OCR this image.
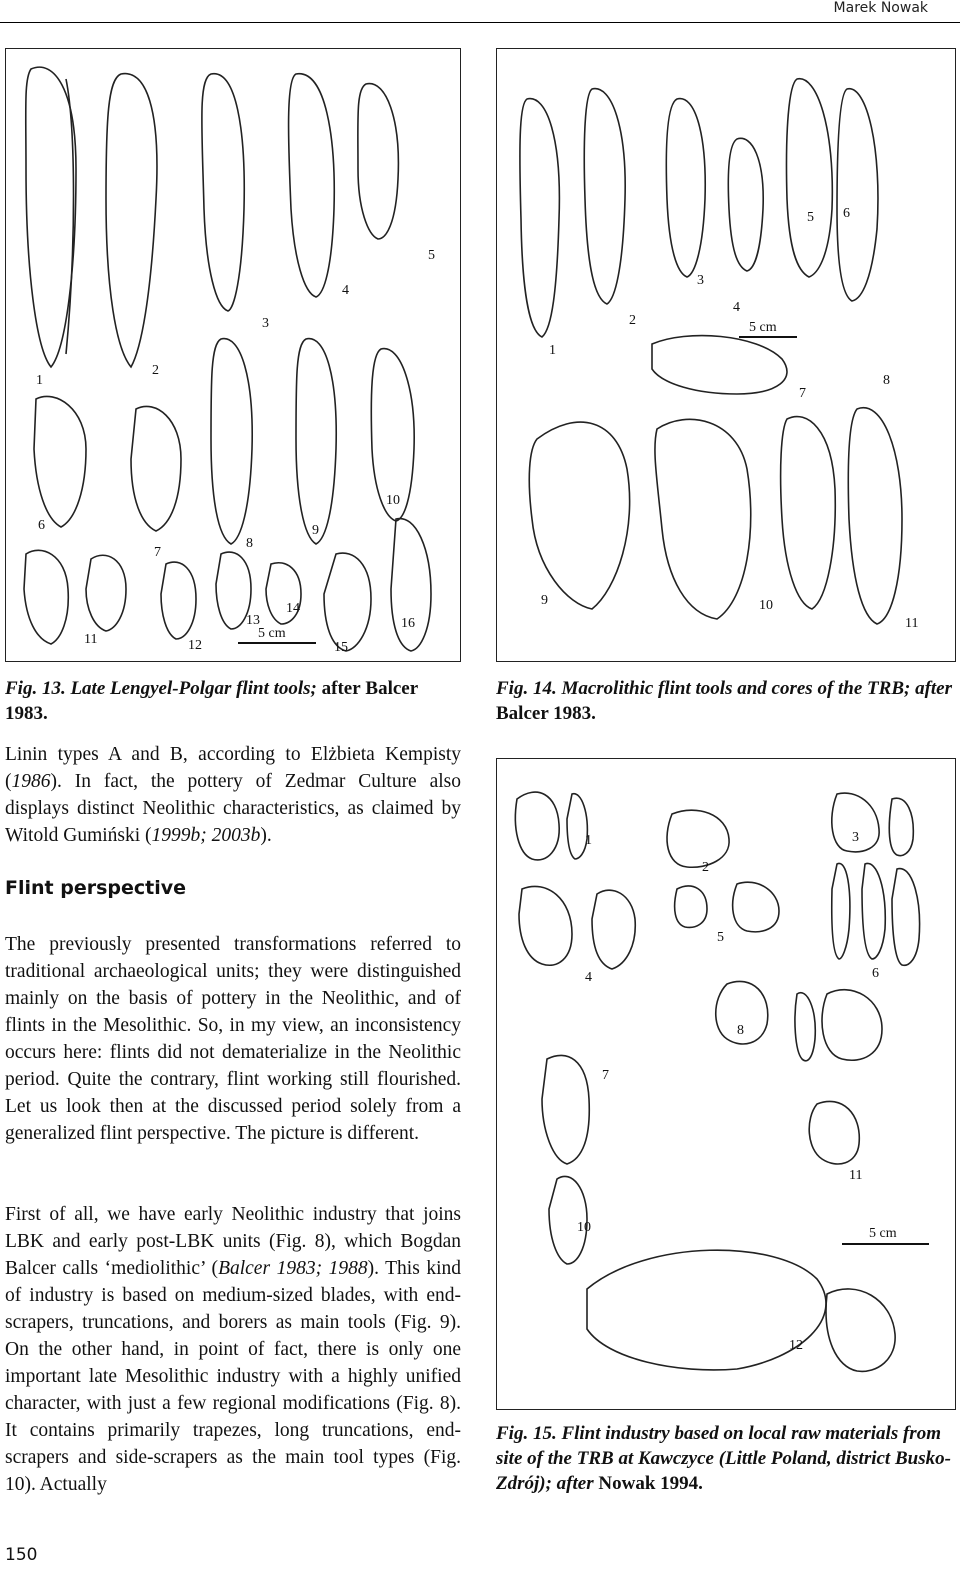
Marek Nowak
5 cm
1
2
3
4
5
6
7
8
9
10
11	12
13
14
15
16
5 cm
1
2
3
4
5 6
7
8
9	10
11
5 cm
1
2
3
4
5
6
7
8
10
11
12
Fig. 13. Late Lengyel-Polgar flint tools; after Balcer 1983.
Fig. 14. Macrolithic flint tools and cores of the TRB; after Balcer 1983.
Fig. 15. Flint industry based on local raw materials from site of the TRB at Kawczyce (Little Poland, district Busko-Zdrój); after Nowak 1994.

Linin types A and B, according to Elżbieta Kempisty (1986). In fact, the pottery of Zedmar Culture also displays distinct Neolithic characteristics, as claimed by Witold Gumiński (1999b; 2003b).

Flint perspective

The previously presented transformations referred to traditional archaeological units; they were distinguished mainly on the basis of pottery in the Neolithic, and of flints in the Mesolithic. So, in my view, an inconsistency occurs here: flints did not dematerialize in the Neolithic period. Quite the contrary, flint working still flourished. Let us look then at the discussed period solely from a generalized flint perspective. The picture is different.

First of all, we have early Neolithic industry that joins LBK and early post-LBK units (Fig. 8), which Bogdan Balcer calls ‘mediolithic’ (Balcer 1983; 1988). This kind of industry is based on medium-sized blades, with end-scrapers, truncations, and borers as main tools (Fig. 9). On the other hand, in point of fact, there is only one important late Mesolithic industry with a highly unified character, with just a few regional modifications (Fig. 8). It contains primarily trapezes, long truncations, end-scrapers and side-scrapers as the main tool types (Fig. 10). Actually

150
